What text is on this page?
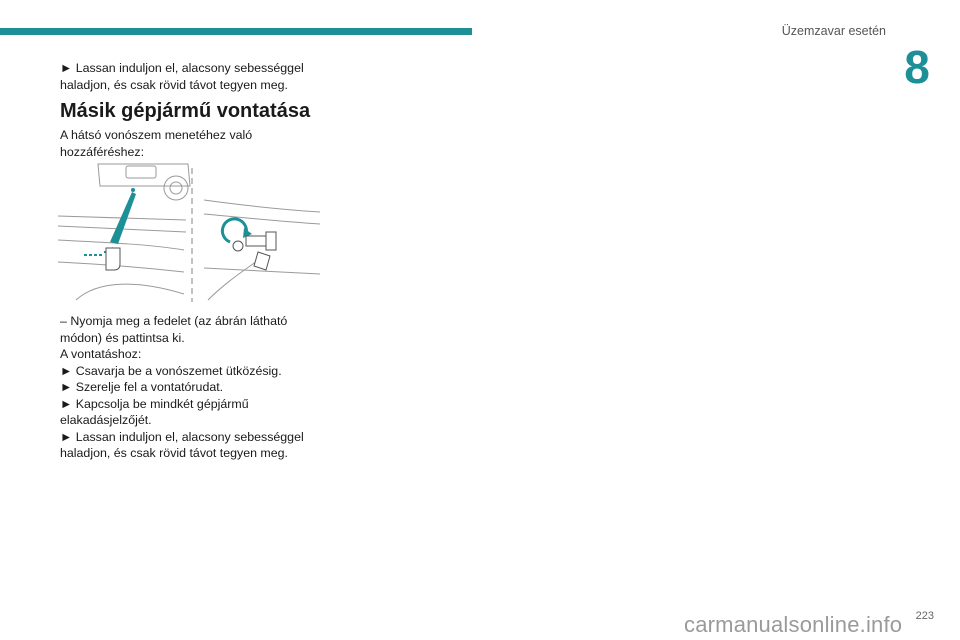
Üzemzavar esetén
8
► Lassan induljon el, alacsony sebességgel
haladjon, és csak rövid távot tegyen meg.
Másik gépjármű vontatása
A hátsó vonószem menetéhez való
hozzáféréshez:
– Nyomja meg a fedelet (az ábrán látható
módon) és pattintsa ki.
A vontatáshoz:
► Csavarja be a vonószemet ütközésig.
► Szerelje fel a vontatórudat.
► Kapcsolja be mindkét gépjármű
elakadásjelzőjét.
► Lassan induljon el, alacsony sebességgel
haladjon, és csak rövid távot tegyen meg.
carmanualsonline.info	223
